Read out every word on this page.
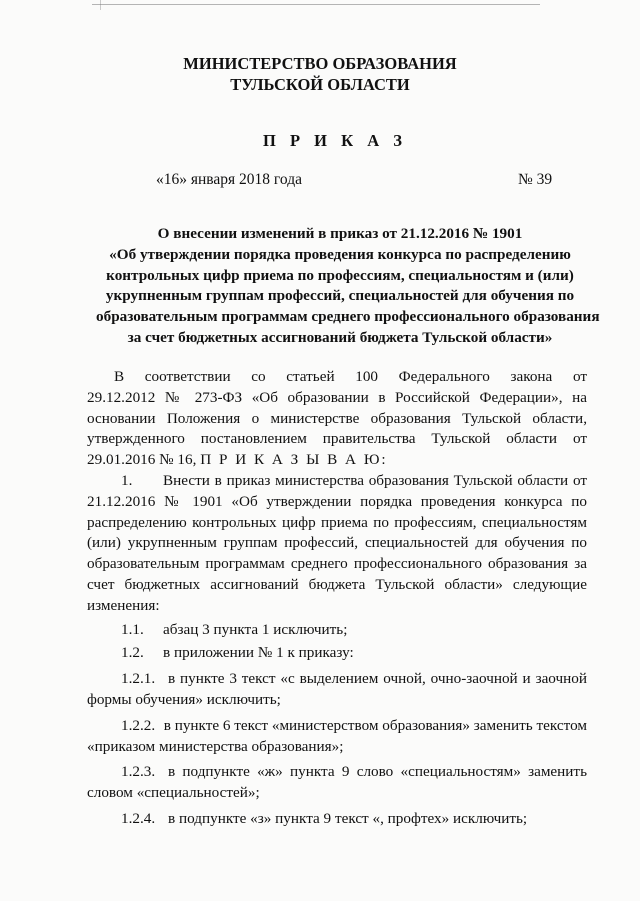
МИНИСТЕРСТВО ОБРАЗОВАНИЯ
ТУЛЬСКОЙ ОБЛАСТИ
П Р И К А З
«16» января 2018 года	№ 39
О внесении изменений в приказ от 21.12.2016 № 1901
«Об утверждении порядка проведения конкурса по распределению
контрольных цифр приема по профессиям, специальностям и (или)
укрупненным группам профессий, специальностей для обучения по
образовательным программам среднего профессионального образования
за счет бюджетных ассигнований бюджета Тульской области»
В соответствии со статьей 100 Федерального закона от
29.12.2012 № 273-ФЗ «Об образовании в Российской Федерации», на
основании Положения о министерстве образования Тульской области,
утвержденного постановлением правительства Тульской области от
29.01.2016 № 16, П Р И К А З Ы В А Ю:
1.	Внести в приказ министерства образования Тульской области от
21.12.2016 № 1901 «Об утверждении порядка проведения конкурса по
распределению контрольных цифр приема по профессиям, специальностям
(или) укрупненным группам профессий, специальностей для обучения по
образовательным программам среднего профессионального образования за
счет бюджетных ассигнований бюджета Тульской области» следующие
изменения:
1.1. абзац 3 пункта 1 исключить;
1.2. в приложении № 1 к приказу:
1.2.1. в пункте 3 текст «с выделением очной, очно-заочной и заочной
формы обучения» исключить;
1.2.2. в пункте 6 текст «министерством образования» заменить текстом
«приказом министерства образования»;
1.2.3. в подпункте «ж» пункта 9 слово «специальностям» заменить
словом «специальностей»;
1.2.4. в подпункте «з» пункта 9 текст «, профтех» исключить;
